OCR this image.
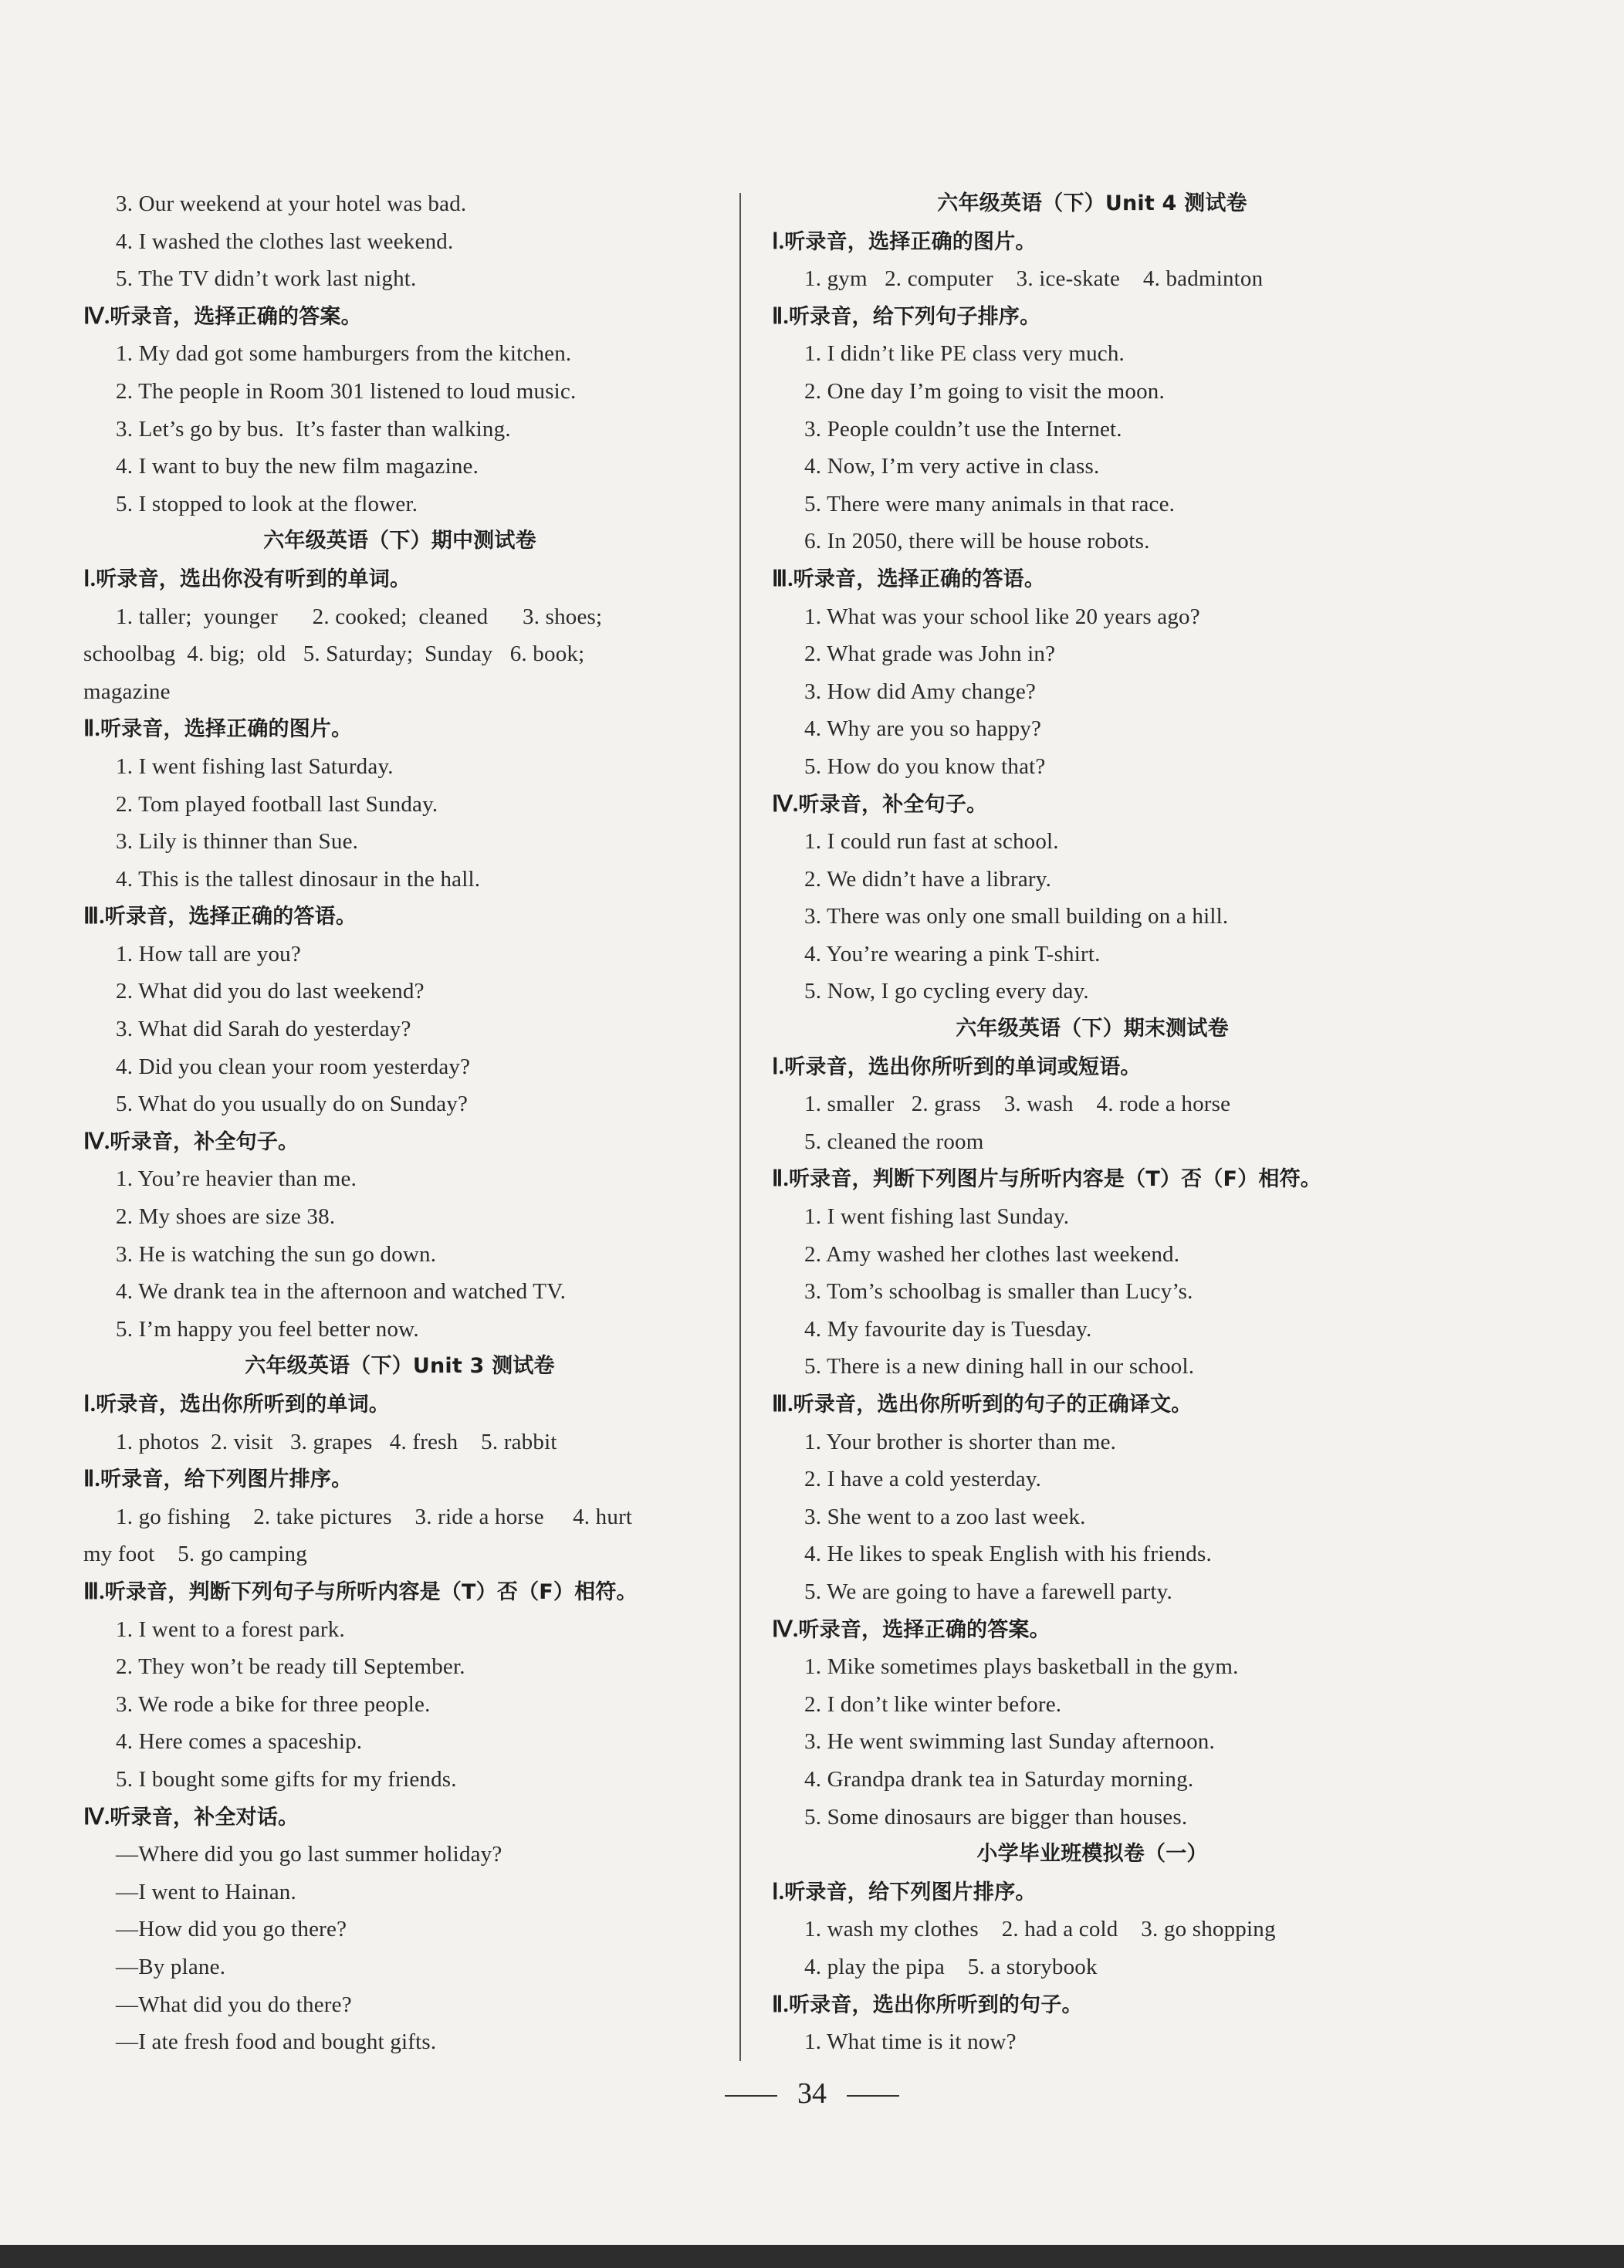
3. Our weekend at your hotel was bad.
4. I washed the clothes last weekend.
5. The TV didn’t work last night.
Ⅳ.听录音，选择正确的答案。
1. My dad got some hamburgers from the kitchen.
2. The people in Room 301 listened to loud music.
3. Let’s go by bus.  It’s faster than walking.
4. I want to buy the new film magazine.
5. I stopped to look at the flower.
六年级英语（下）期中测试卷
Ⅰ.听录音，选出你没有听到的单词。
1. taller;  younger      2. cooked;  cleaned      3. shoes;
schoolbag  4. big;  old   5. Saturday;  Sunday   6. book;
magazine
Ⅱ.听录音，选择正确的图片。
1. I went fishing last Saturday.
2. Tom played football last Sunday.
3. Lily is thinner than Sue.
4. This is the tallest dinosaur in the hall.
Ⅲ.听录音，选择正确的答语。
1. How tall are you?
2. What did you do last weekend?
3. What did Sarah do yesterday?
4. Did you clean your room yesterday?
5. What do you usually do on Sunday?
Ⅳ.听录音，补全句子。
1. You’re heavier than me.
2. My shoes are size 38.
3. He is watching the sun go down.
4. We drank tea in the afternoon and watched TV.
5. I’m happy you feel better now.
六年级英语（下）Unit 3 测试卷
Ⅰ.听录音，选出你所听到的单词。
1. photos  2. visit   3. grapes   4. fresh    5. rabbit
Ⅱ.听录音，给下列图片排序。
1. go fishing    2. take pictures    3. ride a horse     4. hurt
my foot    5. go camping
Ⅲ.听录音，判断下列句子与所听内容是（T）否（F）相符。
1. I went to a forest park.
2. They won’t be ready till September.
3. We rode a bike for three people.
4. Here comes a spaceship.
5. I bought some gifts for my friends.
Ⅳ.听录音，补全对话。
—Where did you go last summer holiday?
—I went to Hainan.
—How did you go there?
—By plane.
—What did you do there?
—I ate fresh food and bought gifts.
六年级英语（下）Unit 4 测试卷
Ⅰ.听录音，选择正确的图片。
1. gym   2. computer    3. ice-skate    4. badminton
Ⅱ.听录音，给下列句子排序。
1. I didn’t like PE class very much.
2. One day I’m going to visit the moon.
3. People couldn’t use the Internet.
4. Now, I’m very active in class.
5. There were many animals in that race.
6. In 2050, there will be house robots.
Ⅲ.听录音，选择正确的答语。
1. What was your school like 20 years ago?
2. What grade was John in?
3. How did Amy change?
4. Why are you so happy?
5. How do you know that?
Ⅳ.听录音，补全句子。
1. I could run fast at school.
2. We didn’t have a library.
3. There was only one small building on a hill.
4. You’re wearing a pink T-shirt.
5. Now, I go cycling every day.
六年级英语（下）期末测试卷
Ⅰ.听录音，选出你所听到的单词或短语。
1. smaller   2. grass    3. wash    4. rode a horse
5. cleaned the room
Ⅱ.听录音，判断下列图片与所听内容是（T）否（F）相符。
1. I went fishing last Sunday.
2. Amy washed her clothes last weekend.
3. Tom’s schoolbag is smaller than Lucy’s.
4. My favourite day is Tuesday.
5. There is a new dining hall in our school.
Ⅲ.听录音，选出你所听到的句子的正确译文。
1. Your brother is shorter than me.
2. I have a cold yesterday.
3. She went to a zoo last week.
4. He likes to speak English with his friends.
5. We are going to have a farewell party.
Ⅳ.听录音，选择正确的答案。
1. Mike sometimes plays basketball in the gym.
2. I don’t like winter before.
3. He went swimming last Sunday afternoon.
4. Grandpa drank tea in Saturday morning.
5. Some dinosaurs are bigger than houses.
小学毕业班模拟卷（一）
Ⅰ.听录音，给下列图片排序。
1. wash my clothes    2. had a cold    3. go shopping
4. play the pipa    5. a storybook
Ⅱ.听录音，选出你所听到的句子。
1. What time is it now?
34
